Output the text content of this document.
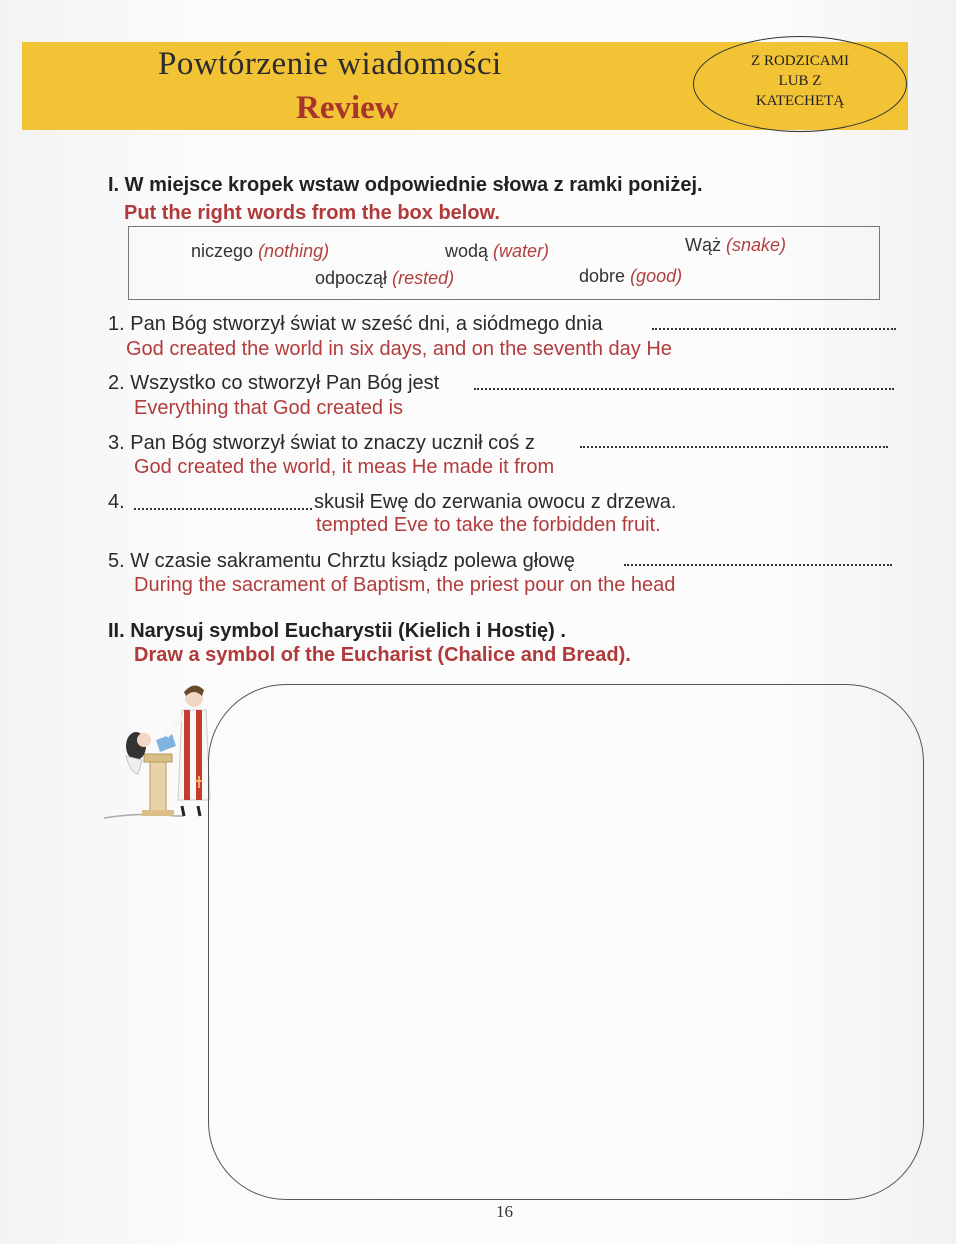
Powtórzenie wiadomości
Review
Z RODZICAMI
LUB Z
KATECHETĄ
I. W miejsce kropek wstaw odpowiednie słowa z ramki poniżej.
Put the right words from the box below.
niczego (nothing)	wodą (water)	Wąż (snake)
odpoczął (rested)	dobre (good)
1. Pan Bóg stworzył świat w sześć dni, a siódmego dnia
God created the world in six days, and on the seventh day He
2. Wszystko co stworzył Pan Bóg jest
Everything that God created is
3. Pan Bóg stworzył świat to znaczy ucznił coś z
God created the world, it meas He made it from
4.	skusił Ewę do zerwania owocu z drzewa.
tempted Eve to take the forbidden fruit.
5. W czasie sakramentu Chrztu ksiądz polewa głowę
During the sacrament of Baptism, the priest pour on the head
II. Narysuj symbol Eucharystii (Kielich i Hostię) .
Draw a symbol of the Eucharist (Chalice and Bread).
16
